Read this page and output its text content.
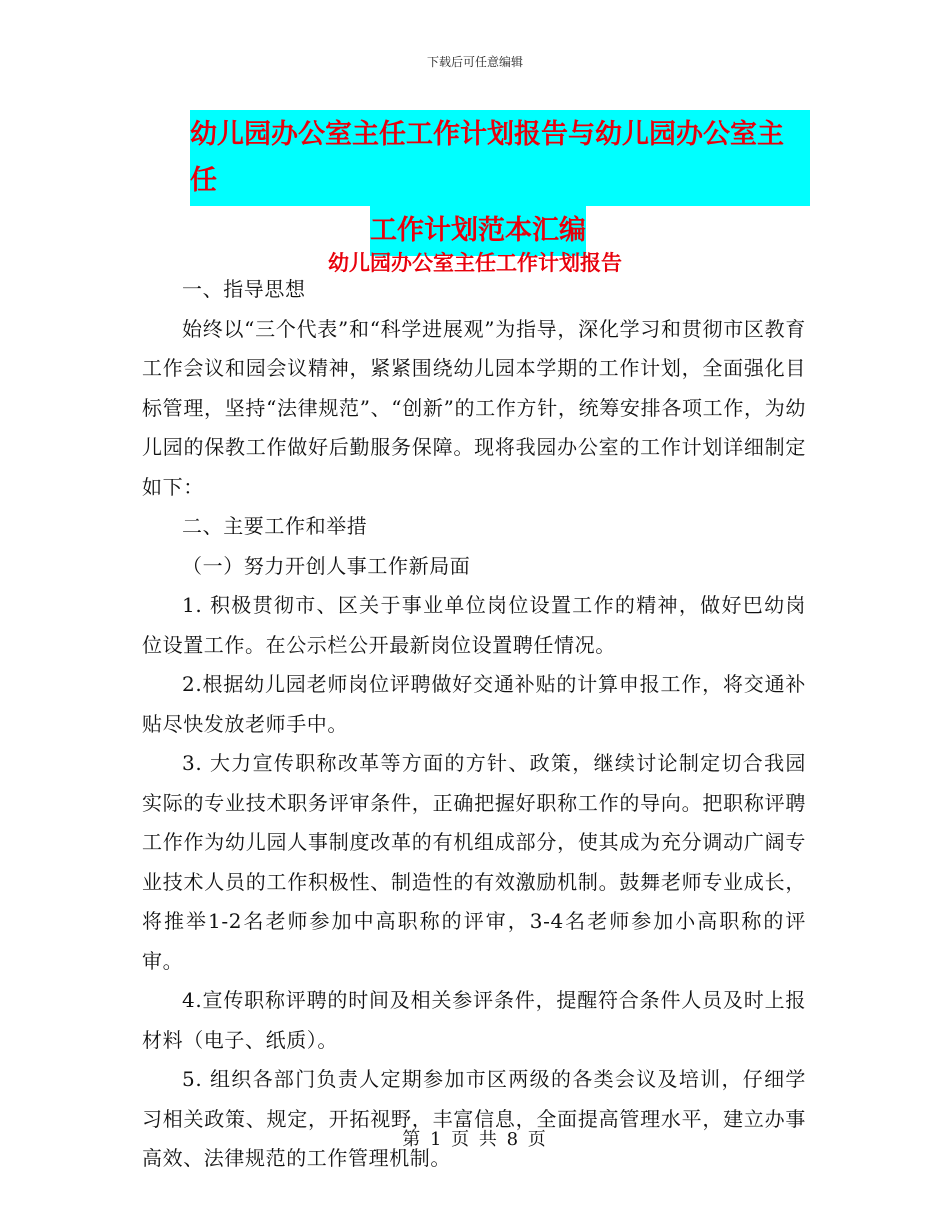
下载后可任意编辑
幼儿园办公室主任工作计划报告与幼儿园办公室主任
工作计划范本汇编
幼儿园办公室主任工作计划报告

一、指导思想

始终以“三个代表”和“科学进展观”为指导，深化学习和贯彻市区教育工作会议和园会议精神，紧紧围绕幼儿园本学期的工作计划，全面强化目标管理，坚持“法律规范”、“创新”的工作方针，统筹安排各项工作，为幼儿园的保教工作做好后勤服务保障。现将我园办公室的工作计划详细制定如下：

二、主要工作和举措

（一）努力开创人事工作新局面

1. 积极贯彻市、区关于事业单位岗位设置工作的精神，做好巴幼岗位设置工作。在公示栏公开最新岗位设置聘任情况。

2.根据幼儿园老师岗位评聘做好交通补贴的计算申报工作，将交通补贴尽快发放老师手中。

3. 大力宣传职称改革等方面的方针、政策，继续讨论制定切合我园实际的专业技术职务评审条件，正确把握好职称工作的导向。把职称评聘工作作为幼儿园人事制度改革的有机组成部分，使其成为充分调动广阔专业技术人员的工作积极性、制造性的有效激励机制。鼓舞老师专业成长，将推举1-2名老师参加中高职称的评审，3-4名老师参加小高职称的评审。

4.宣传职称评聘的时间及相关参评条件，提醒符合条件人员及时上报材料（电子、纸质）。

5. 组织各部门负责人定期参加市区两级的各类会议及培训，仔细学习相关政策、规定，开拓视野，丰富信息，全面提高管理水平，建立办事高效、法律规范的工作管理机制。

第 1 页 共 8 页
